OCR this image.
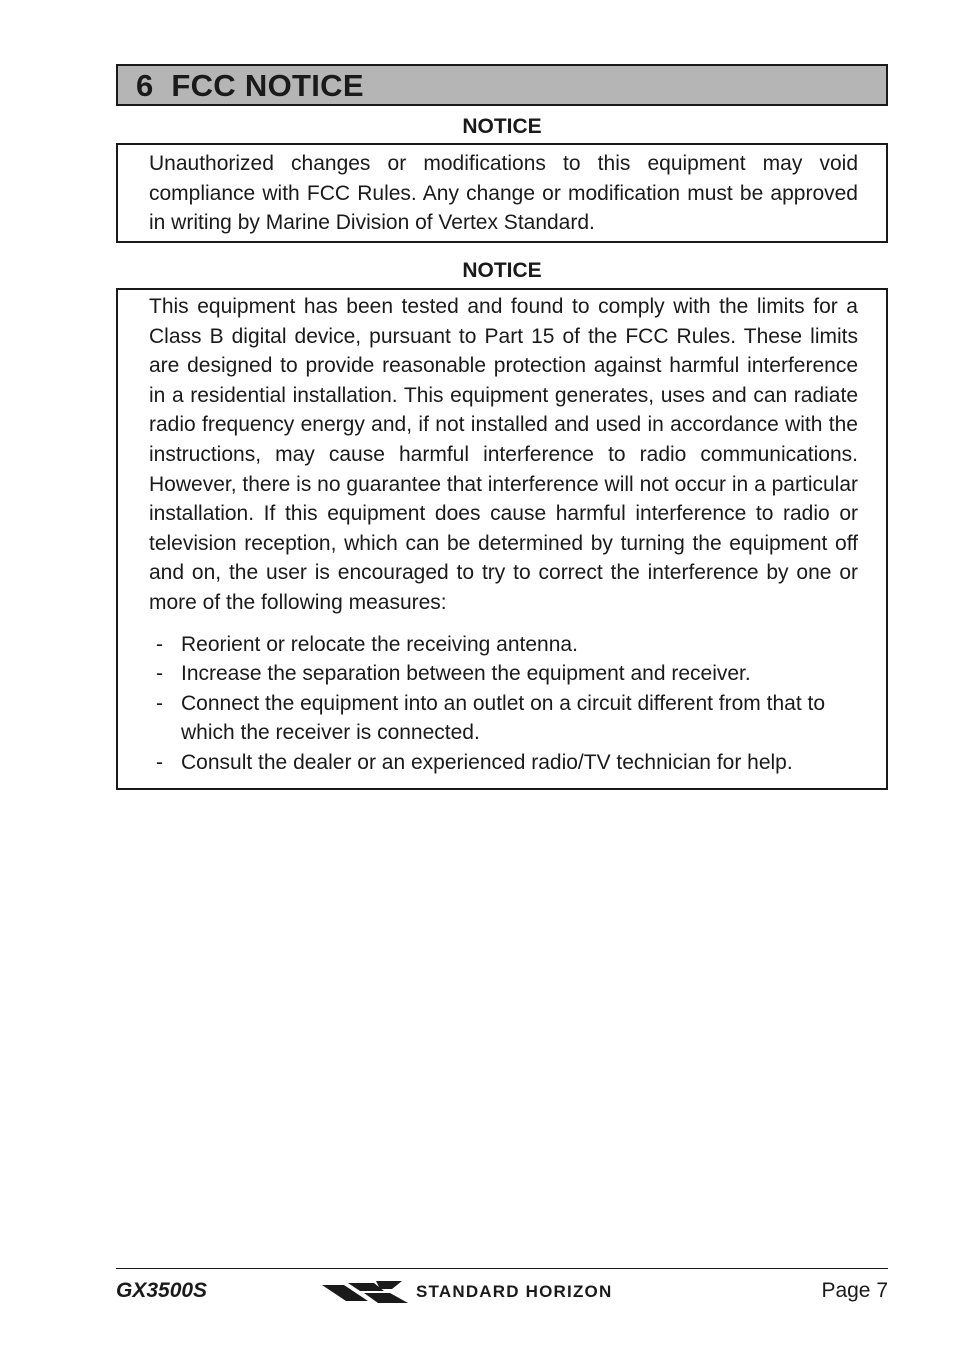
6  FCC NOTICE
NOTICE

Unauthorized changes or modifications to this equipment may void compliance with FCC Rules. Any change or modification must be approved in writing by Marine Division of Vertex Standard.

NOTICE

This equipment has been tested and found to comply with the limits for a Class B digital device, pursuant to Part 15 of the FCC Rules. These limits are designed to provide reasonable protection against harmful interference in a residential installation. This equipment generates, uses and can radiate radio frequency energy and, if not installed and used in accordance with the instructions, may cause harmful interference to radio communications. However, there is no guarantee that interference will not occur in a particular installation. If this equipment does cause harmful interference to radio or television reception, which can be determined by turning the equipment off and on, the user is encouraged to try to correct the interference by one or more of the following measures:

- Reorient or relocate the receiving antenna.
- Increase the separation between the equipment and receiver.
- Connect the equipment into an outlet on a circuit different from that to which the receiver is connected.
- Consult the dealer or an experienced radio/TV technician for help.
GX3500S	STANDARD HORIZON	Page 7
